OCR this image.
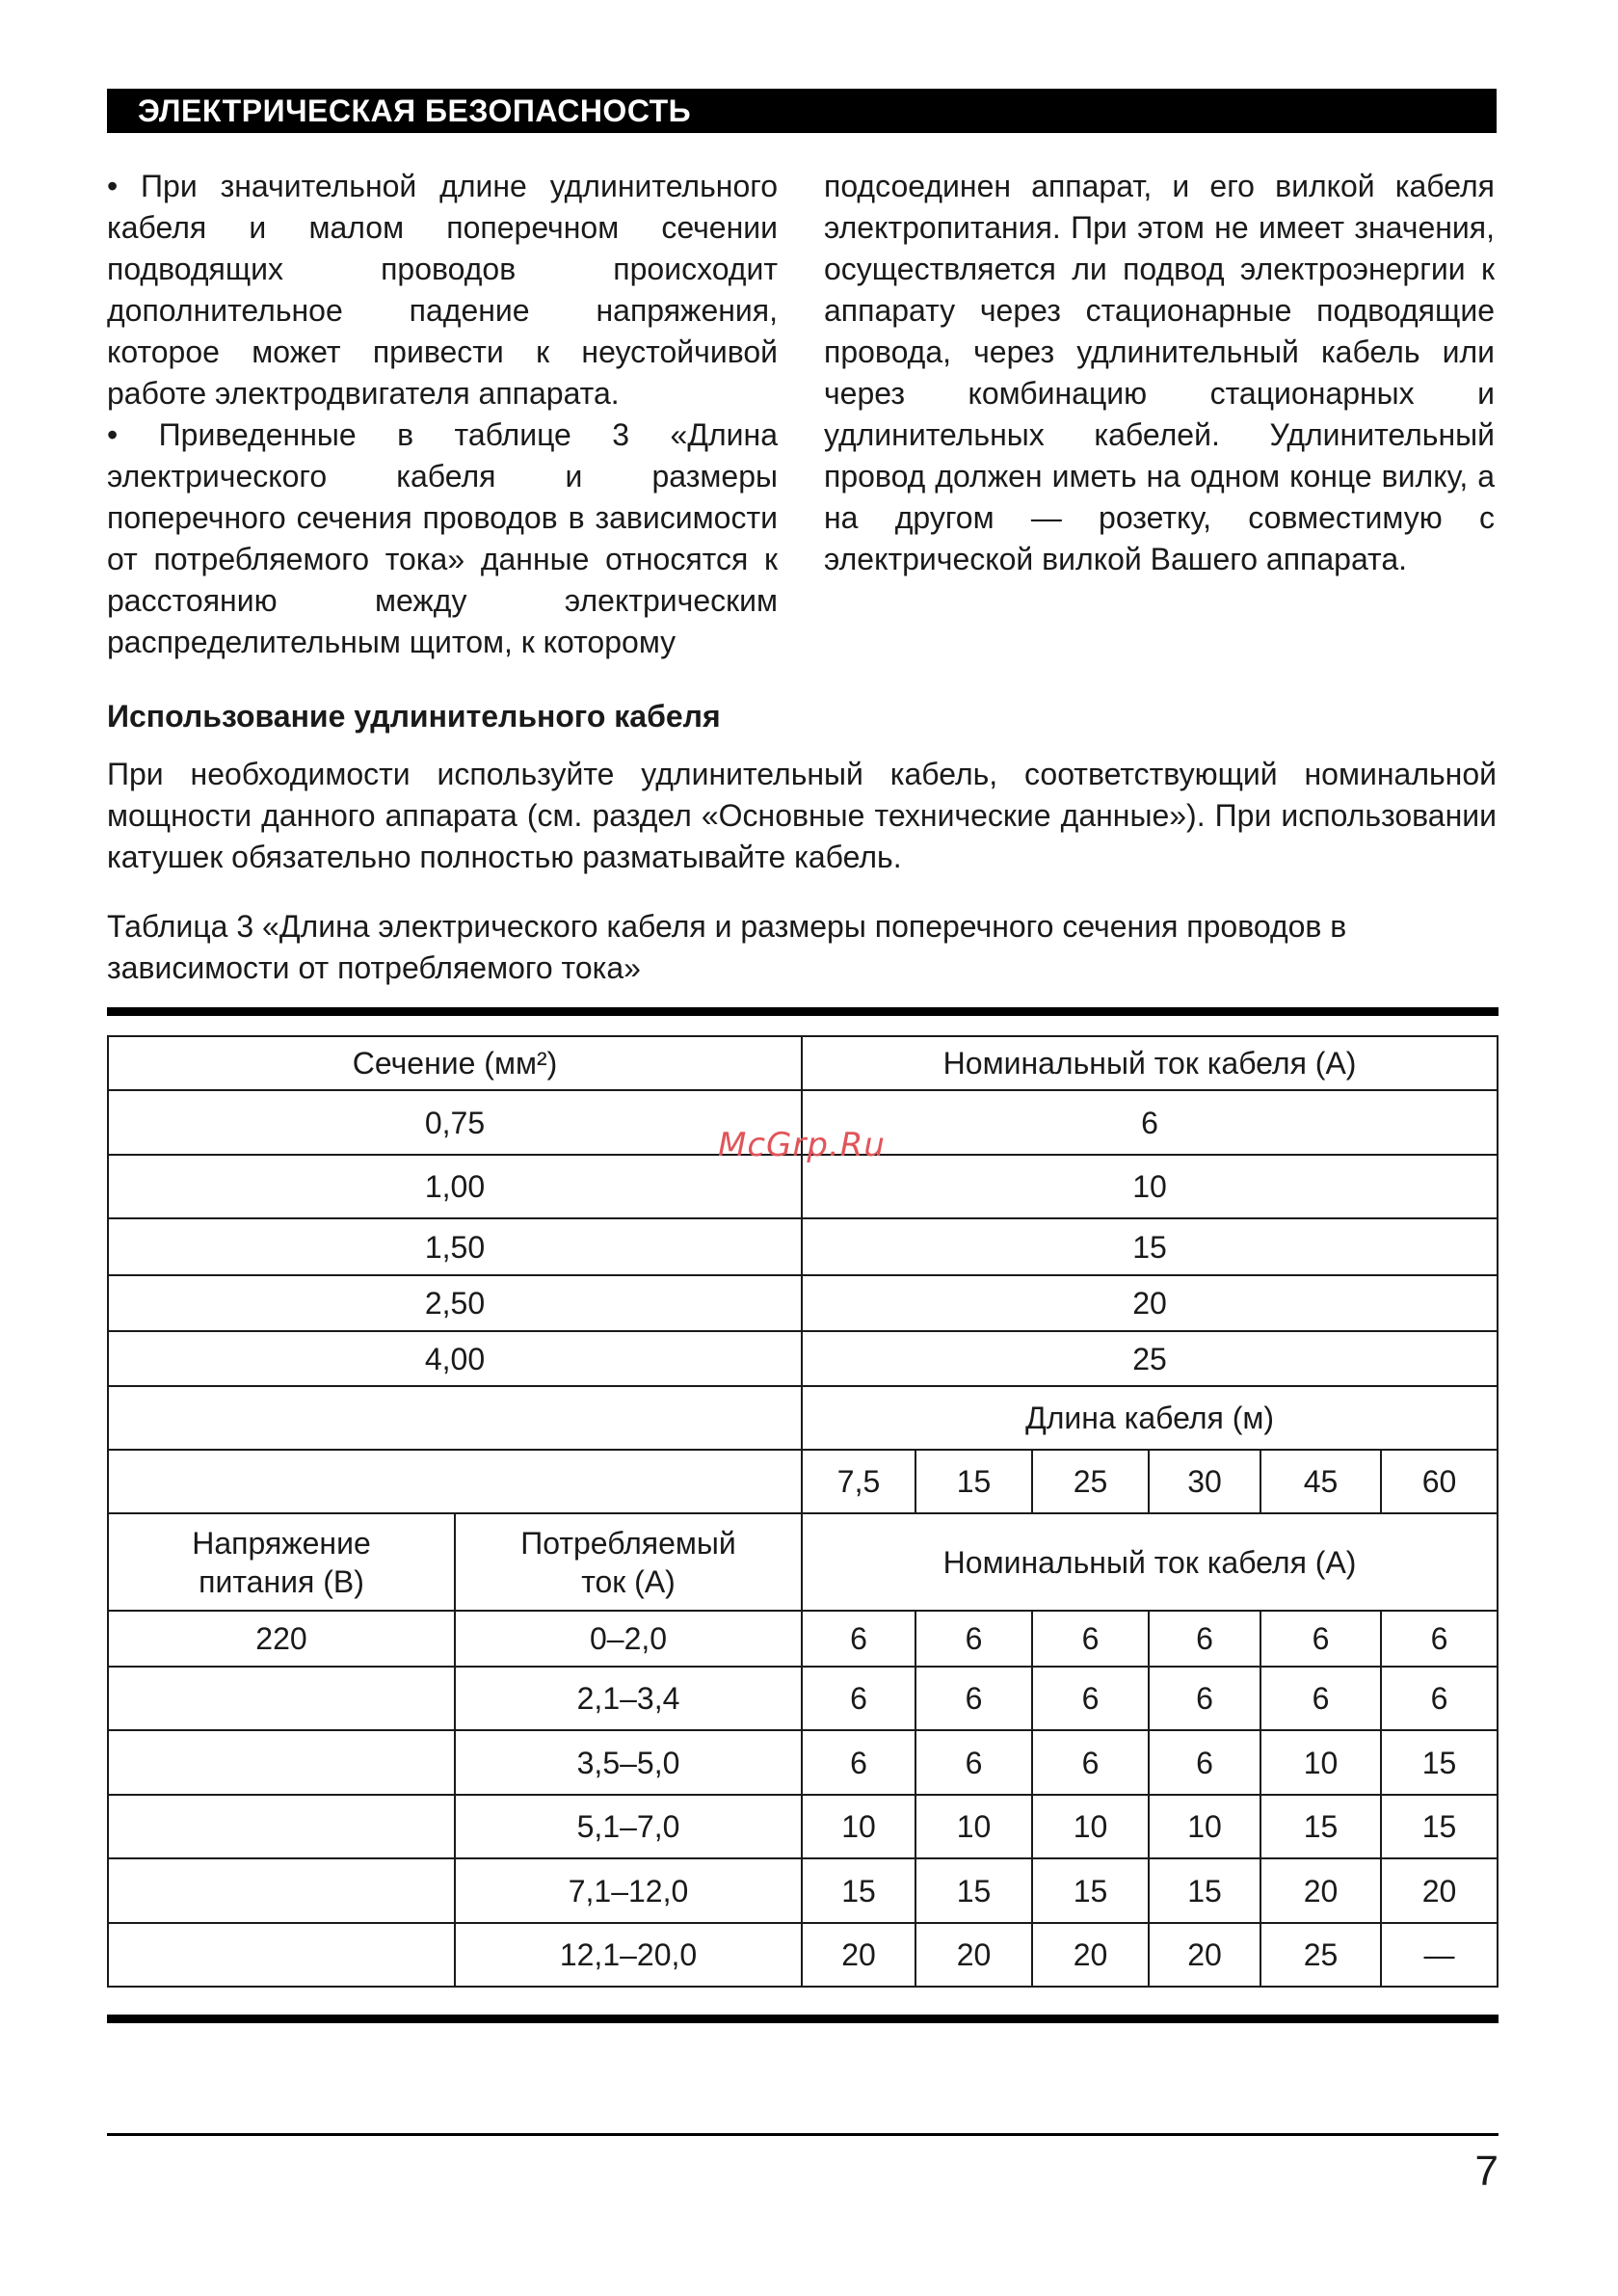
ЭЛЕКТРИЧЕСКАЯ БЕЗОПАСНОСТЬ

• При значительной длине удлинительного кабеля и малом поперечном сечении подводящих проводов происходит дополнительное падение напряжения, которое может привести к неустойчивой работе электродвигателя аппарата.

• Приведенные в таблице 3 «Длина электрического кабеля и размеры поперечного сечения проводов в зависимости от потребляемого тока» данные относятся к расстоянию между электрическим распределительным щитом, к которому

подсоединен аппарат, и его вилкой кабеля электропитания. При этом не имеет значения, осуществляется ли подвод электроэнергии к аппарату через стационарные подводящие провода, через удлинительный кабель или через комбинацию стационарных и удлинительных кабелей. Удлинительный провод должен иметь на одном конце вилку, а на другом — розетку, совместимую с электрической вилкой Вашего аппарата.

Использование удлинительного кабеля

При необходимости используйте удлинительный кабель, соответствующий номинальной мощности данного аппарата (см. раздел «Основные технические данные»). При использовании катушек обязательно полностью разматывайте кабель.

Таблица 3 «Длина электрического кабеля и размеры поперечного сечения проводов в зависимости от потребляемого тока»

Сечение (мм²)		Номинальный ток кабеля (А)					
0,75		6					
1,00		10					
1,50		15					
2,50		20					
4,00		25					
		Длина кабеля (м)					
		7,5	15	25	30	45	60
Напряжение питания (В)	Потребляемый ток (А)	Номинальный ток кабеля (А)					
220	0–2,0	6	6	6	6	6	6
	2,1–3,4	6	6	6	6	6	6
	3,5–5,0	6	6	6	6	10	15
	5,1–7,0	10	10	10	10	15	15
	7,1–12,0	15	15	15	15	20	20
	12,1–20,0	20	20	20	20	25	—
McGrp.Ru
7
